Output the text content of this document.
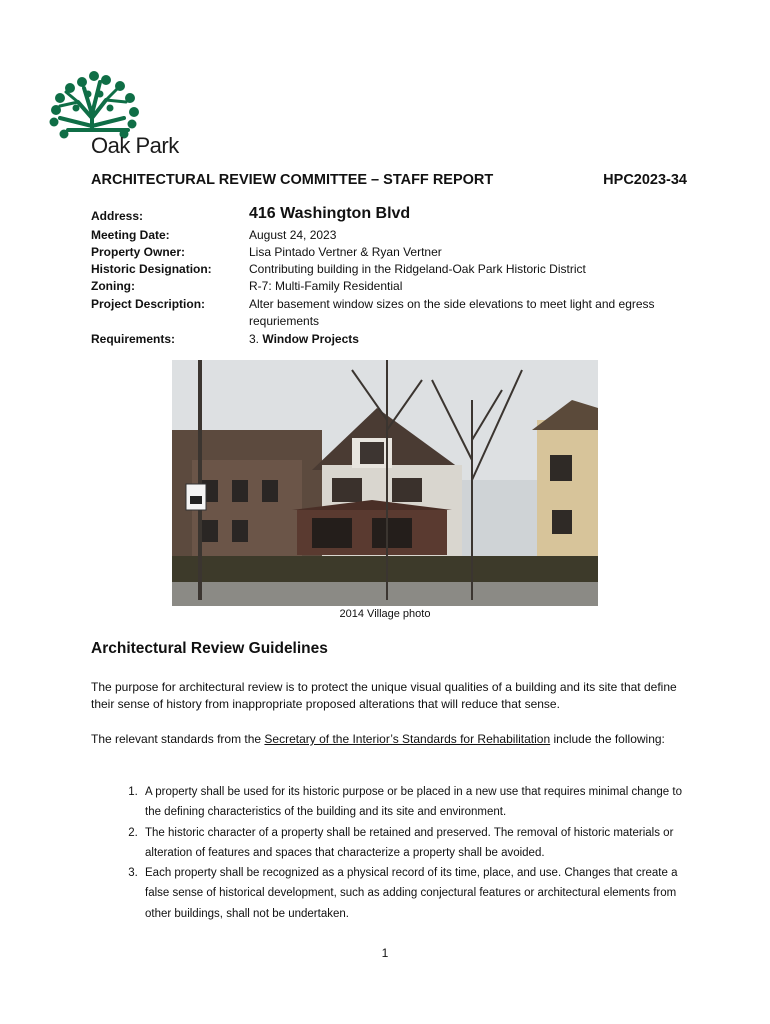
Oak Park
ARCHITECTURAL REVIEW COMMITTEE – STAFF REPORT	HPC2023-34
Address:	416 Washington Blvd
Meeting Date:	August 24, 2023
Property Owner:	Lisa Pintado Vertner & Ryan Vertner
Historic Designation:	Contributing building in the Ridgeland-Oak Park Historic District
Zoning:	R-7: Multi-Family Residential
Project Description:	Alter basement window sizes on the side elevations to meet light and egress requriements
Requirements:	3. Window Projects
2014 Village photo
Architectural Review Guidelines
The purpose for architectural review is to protect the unique visual qualities of a building and its site that define their sense of history from inappropriate proposed alterations that will reduce that sense.
The relevant standards from the Secretary of the Interior’s Standards for Rehabilitation include the following:
1. A property shall be used for its historic purpose or be placed in a new use that requires minimal change to the defining characteristics of the building and its site and environment.
2. The historic character of a property shall be retained and preserved. The removal of historic materials or alteration of features and spaces that characterize a property shall be avoided.
3. Each property shall be recognized as a physical record of its time, place, and use. Changes that create a false sense of historical development, such as adding conjectural features or architectural elements from other buildings, shall not be undertaken.
1
